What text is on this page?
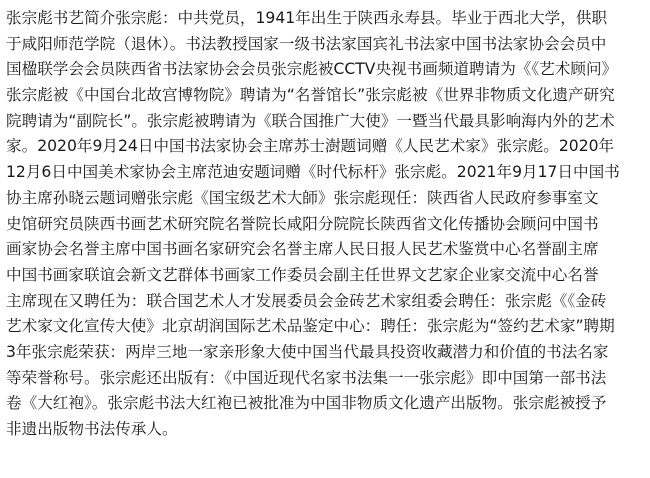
张宗彪书艺简介张宗彪：中共党员，1941年出生于陕西永寿县。毕业于西北大学，供职
于咸阳师范学院（退休）。书法教授国家一级书法家国宾礼书法家中国书法家协会会员中
国楹联学会会员陕西省书法家协会会员张宗彪被CCTV央视书画频道聘请为《《艺术顾问》
张宗彪被《中国台北故宫博物院》聘请为“名誉馆长”张宗彪被《世界非物质文化遗产研究
院聘请为“副院长”。张宗彪被聘请为《联合国推广大使》一暨当代最具影响海内外的艺术
家。2020年9月24日中国书法家协会主席苏士澍题词赠《人民艺术家》张宗彪。2020年
12月6日中国美术家协会主席范迪安题词赠《时代标杆》张宗彪。2021年9月17日中国书
协主席孙晓云题词赠张宗彪《国宝级艺术大師》张宗彪现任：陕西省人民政府参事室文
史馆研究员陕西书画艺术研究院名誉院长咸阳分院院长陕西省文化传播协会顾问中国书
画家协会名誉主席中国书画名家研究会名誉主席人民日报人民艺术鉴赏中心名誉副主席
中国书画家联谊会新文艺群体书画家工作委员会副主任世界文艺家企业家交流中心名誉
主席现在又聘任为：联合国艺术人才发展委员会金砖艺术家组委会聘任：张宗彪《《金砖
艺术家文化宣传大使》北京胡润国际艺术品鉴定中心：聘任：张宗彪为“签约艺术家”聘期
3年张宗彪荣获：两岸三地一家亲形象大使中国当代最具投资收藏潜力和价值的书法名家
等荣誉称号。张宗彪还出版有：《中国近现代名家书法集一一张宗彪》即中国第一部书法
卷《大红袍》。张宗彪书法大红袍已被批准为中国非物质文化遗产出版物。张宗彪被授予
非遗出版物书法传承人。
